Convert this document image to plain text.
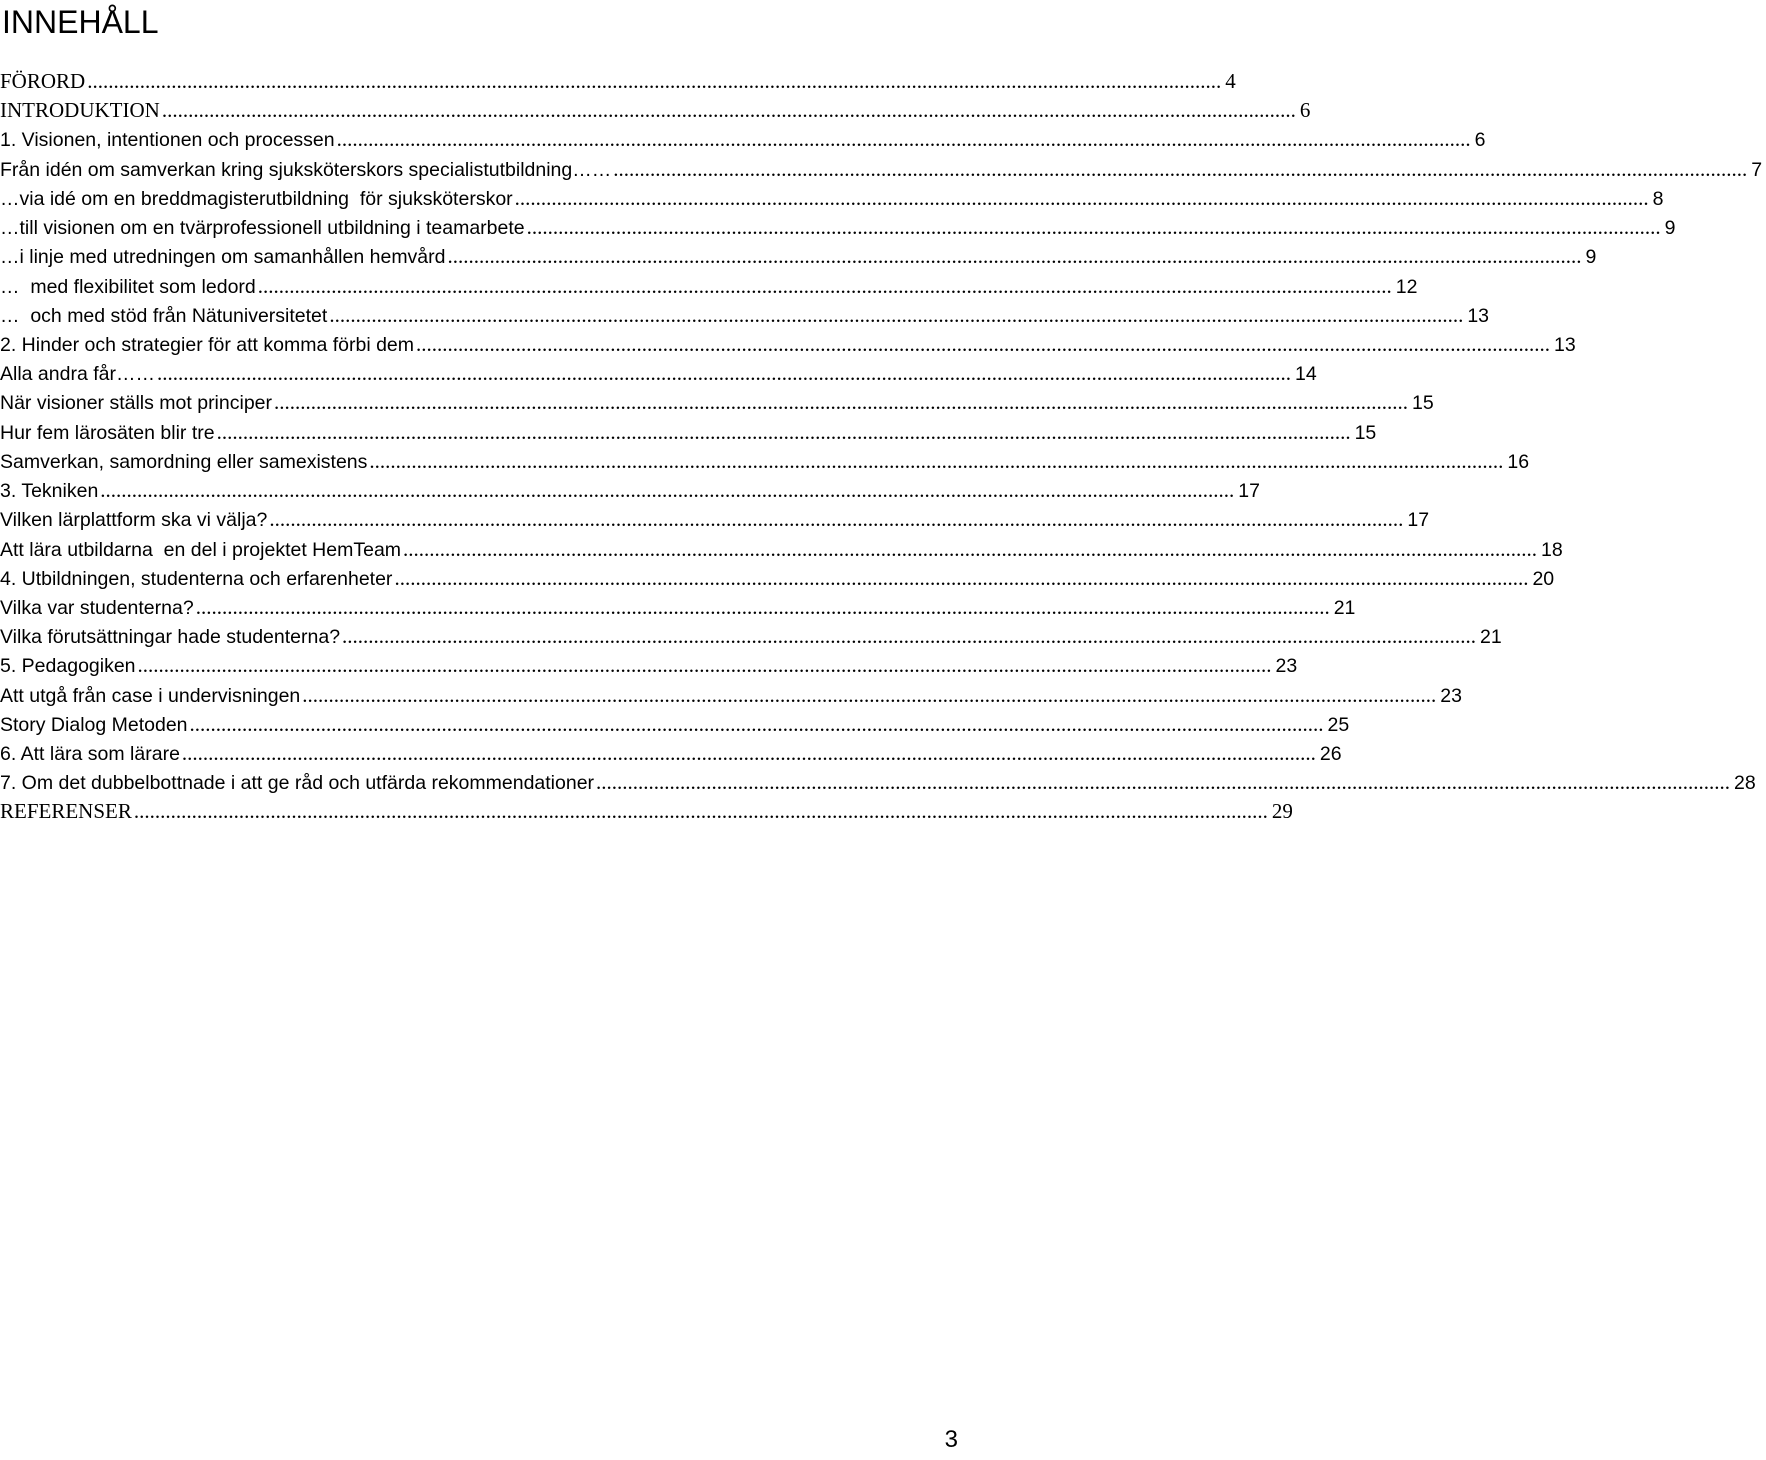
INNEHÅLL
FÖRORD ........................................................................................................................................................................................................................ 4
INTRODUKTION ........................................................................................................................................................................................................................ 6
1. Visionen, intentionen och processen ........................................................................................................................................................................................................................ 6
Från idén om samverkan kring sjuksköterskors specialistutbildning…… ........................................................................................................................................................................................................................ 7
…via idé om en breddmagisterutbildning  för sjuksköterskor ........................................................................................................................................................................................................................ 8
…till visionen om en tvärprofessionell utbildning i teamarbete ........................................................................................................................................................................................................................ 9
…i linje med utredningen om samanhållen hemvård ........................................................................................................................................................................................................................ 9
…  med flexibilitet som ledord ........................................................................................................................................................................................................................ 12
…  och med stöd från Nätuniversitetet ........................................................................................................................................................................................................................ 13
2. Hinder och strategier för att komma förbi dem ........................................................................................................................................................................................................................ 13
Alla andra får…… ........................................................................................................................................................................................................................ 14
När visioner ställs mot principer ........................................................................................................................................................................................................................ 15
Hur fem lärosäten blir tre ........................................................................................................................................................................................................................ 15
Samverkan, samordning eller samexistens ........................................................................................................................................................................................................................ 16
3. Tekniken ........................................................................................................................................................................................................................ 17
Vilken lärplattform ska vi välja? ........................................................................................................................................................................................................................ 17
Att lära utbildarna  en del i projektet HemTeam ........................................................................................................................................................................................................................ 18
4. Utbildningen, studenterna och erfarenheter ........................................................................................................................................................................................................................ 20
Vilka var studenterna? ........................................................................................................................................................................................................................ 21
Vilka förutsättningar hade studenterna? ........................................................................................................................................................................................................................ 21
5. Pedagogiken ........................................................................................................................................................................................................................ 23
Att utgå från case i undervisningen ........................................................................................................................................................................................................................ 23
Story Dialog Metoden ........................................................................................................................................................................................................................ 25
6. Att lära som lärare ........................................................................................................................................................................................................................ 26
7. Om det dubbelbottnade i att ge råd och utfärda rekommendationer ........................................................................................................................................................................................................................ 28
REFERENSER ........................................................................................................................................................................................................................ 29
3
